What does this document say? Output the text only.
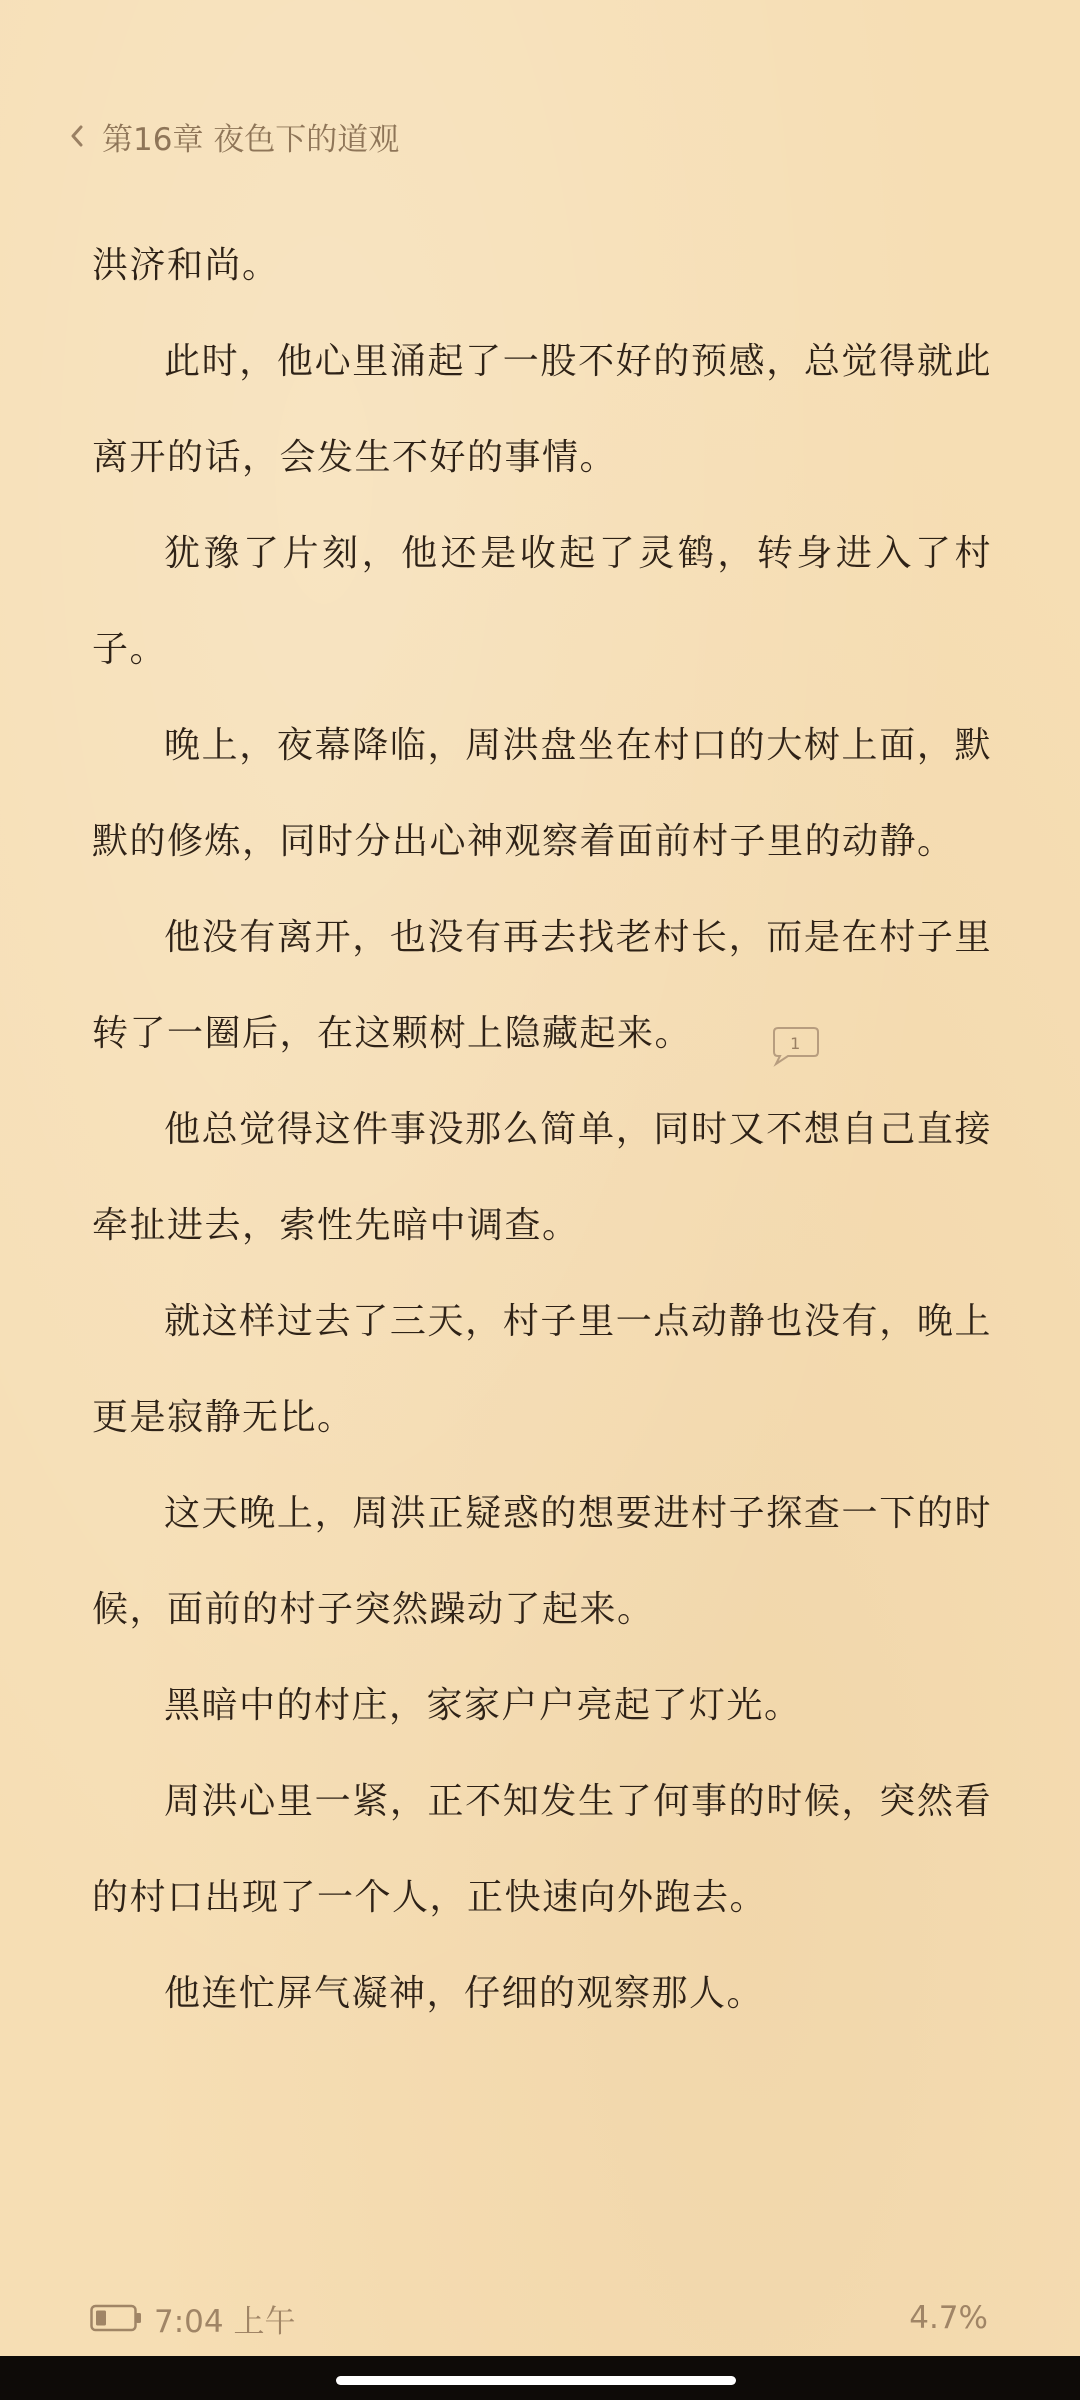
第16章 夜色下的道观

洪济和尚。

此时，他心里涌起了一股不好的预感，总觉得就此离开的话，会发生不好的事情。

犹豫了片刻，他还是收起了灵鹤，转身进入了村子。

晚上，夜幕降临，周洪盘坐在村口的大树上面，默默的修炼，同时分出心神观察着面前村子里的动静。

他没有离开，也没有再去找老村长，而是在村子里转了一圈后，在这颗树上隐藏起来。	1

他总觉得这件事没那么简单，同时又不想自己直接牵扯进去，索性先暗中调查。

就这样过去了三天，村子里一点动静也没有，晚上更是寂静无比。

这天晚上，周洪正疑惑的想要进村子探查一下的时候，面前的村子突然躁动了起来。

黑暗中的村庄，家家户户亮起了灯光。

周洪心里一紧，正不知发生了何事的时候，突然看的村口出现了一个人，正快速向外跑去。

他连忙屏气凝神，仔细的观察那人。

7:04 上午	4.7%
